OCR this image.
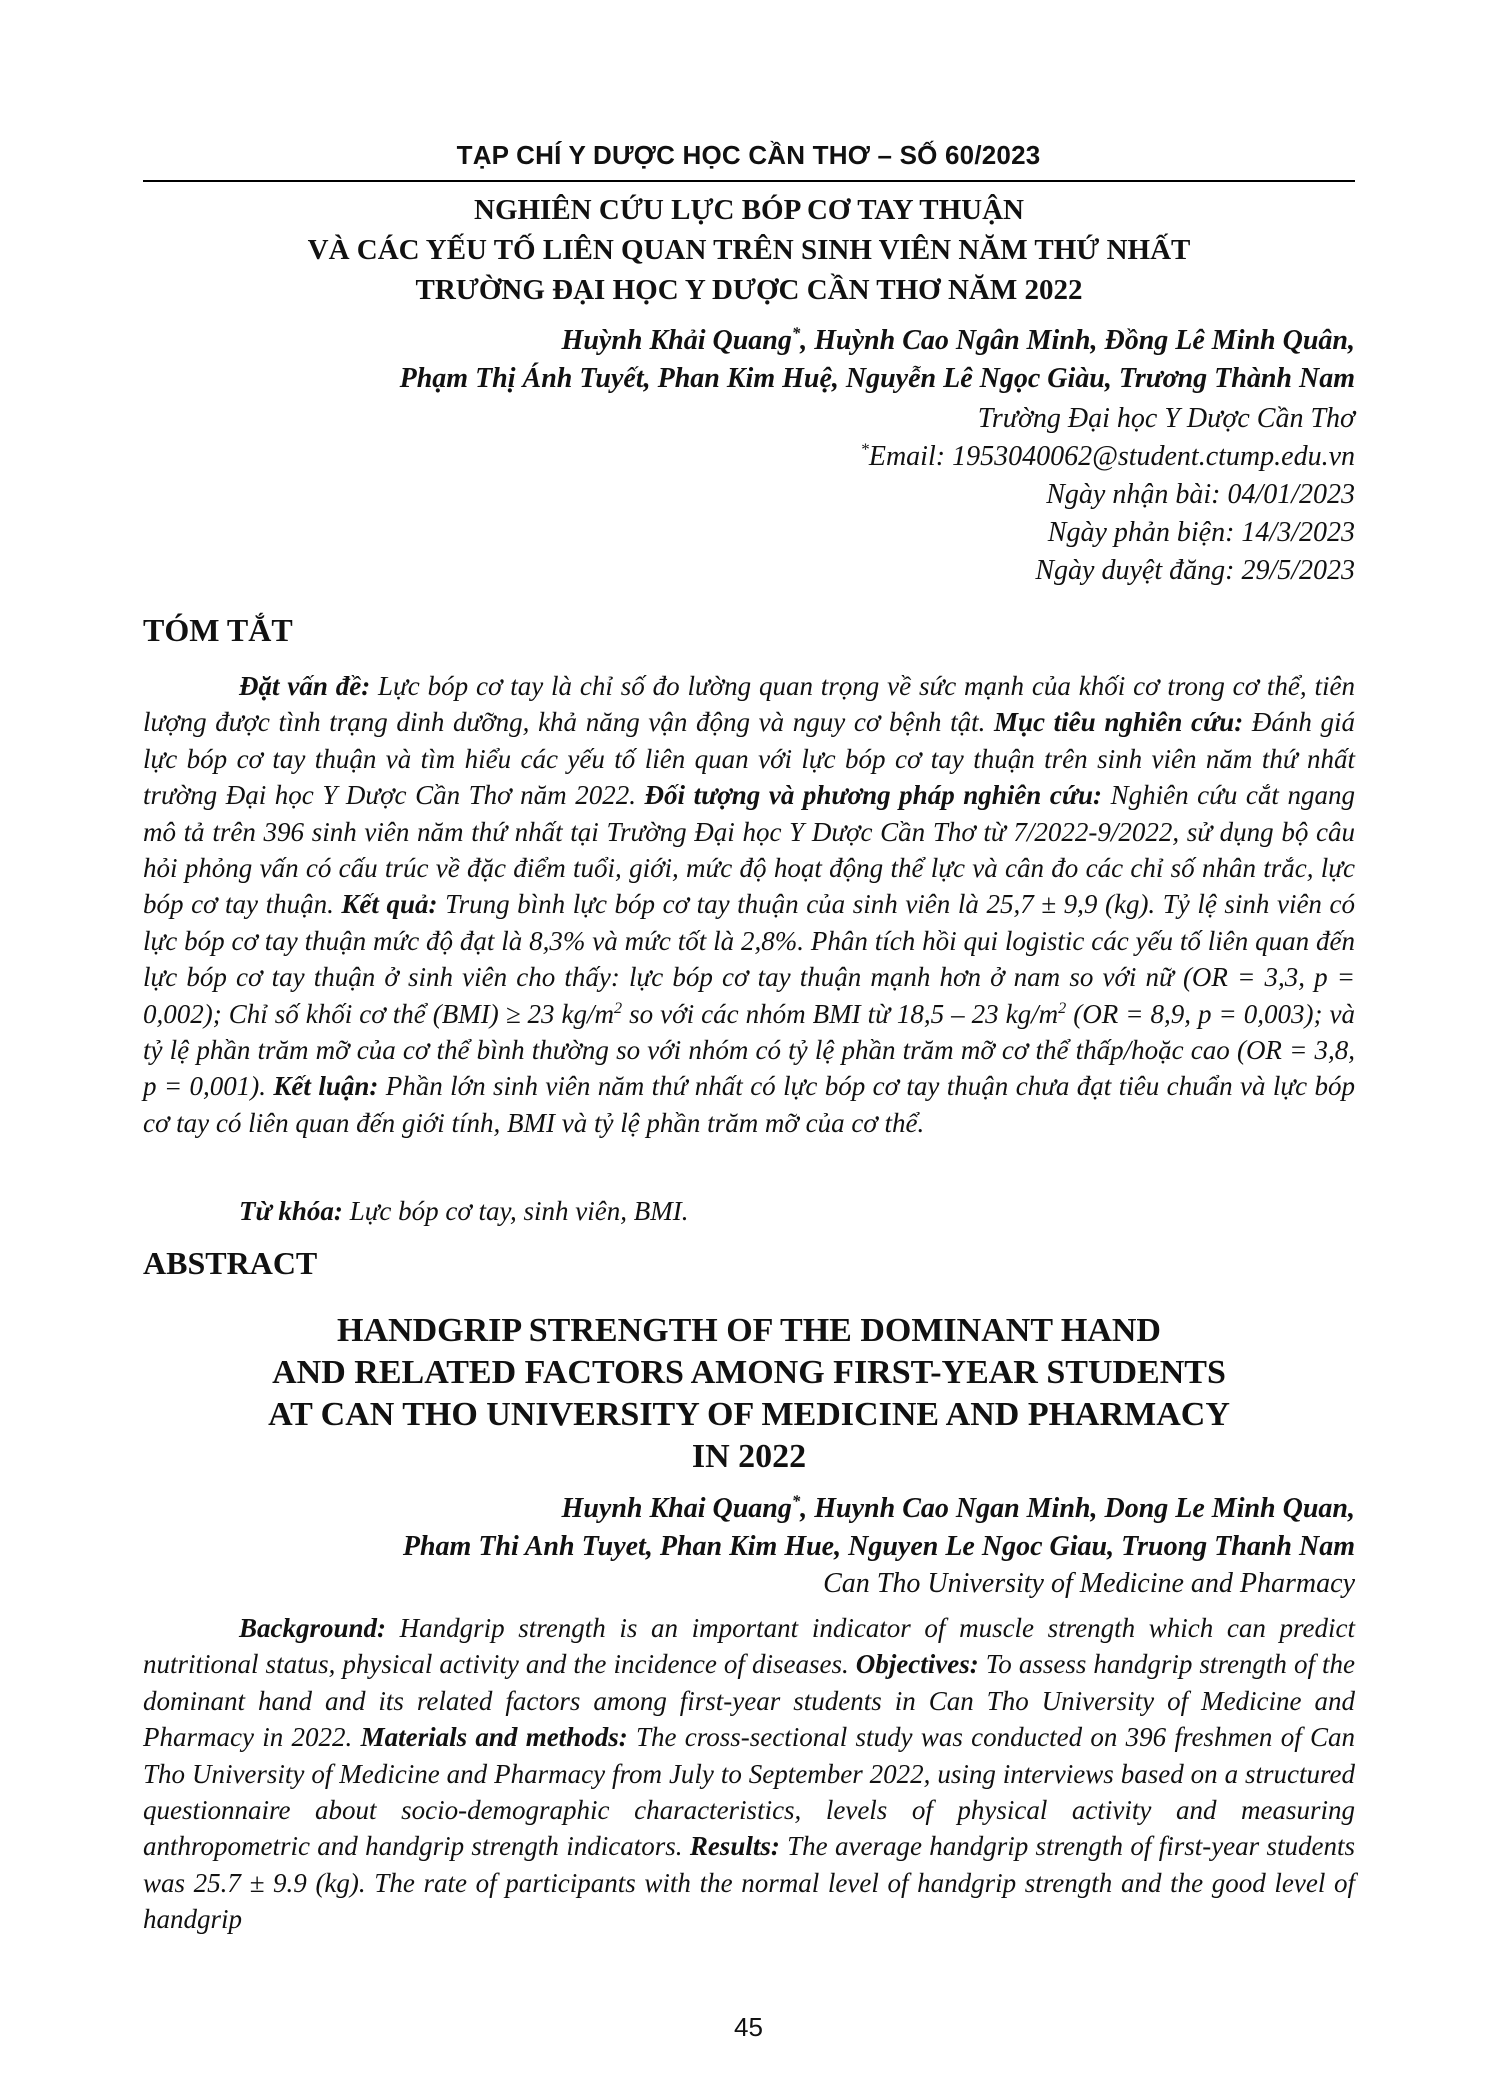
TẠP CHÍ Y DƯỢC HỌC CẦN THƠ – SỐ 60/2023
NGHIÊN CỨU LỰC BÓP CƠ TAY THUẬN
VÀ CÁC YẾU TỐ LIÊN QUAN TRÊN SINH VIÊN NĂM THỨ NHẤT
TRƯỜNG ĐẠI HỌC Y DƯỢC CẦN THƠ NĂM 2022
Huỳnh Khải Quang*, Huỳnh Cao Ngân Minh, Đồng Lê Minh Quân,
Phạm Thị Ánh Tuyết, Phan Kim Huệ, Nguyễn Lê Ngọc Giàu, Trương Thành Nam
Trường Đại học Y Dược Cần Thơ
*Email: 1953040062@student.ctump.edu.vn
Ngày nhận bài: 04/01/2023
Ngày phản biện: 14/3/2023
Ngày duyệt đăng: 29/5/2023
TÓM TẮT
Đặt vấn đề: Lực bóp cơ tay là chỉ số đo lường quan trọng về sức mạnh của khối cơ trong cơ thể, tiên lượng được tình trạng dinh dưỡng, khả năng vận động và nguy cơ bệnh tật. Mục tiêu nghiên cứu: Đánh giá lực bóp cơ tay thuận và tìm hiểu các yếu tố liên quan với lực bóp cơ tay thuận trên sinh viên năm thứ nhất trường Đại học Y Dược Cần Thơ năm 2022. Đối tượng và phương pháp nghiên cứu: Nghiên cứu cắt ngang mô tả trên 396 sinh viên năm thứ nhất tại Trường Đại học Y Dược Cần Thơ từ 7/2022-9/2022, sử dụng bộ câu hỏi phỏng vấn có cấu trúc về đặc điểm tuổi, giới, mức độ hoạt động thể lực và cân đo các chỉ số nhân trắc, lực bóp cơ tay thuận. Kết quả: Trung bình lực bóp cơ tay thuận của sinh viên là 25,7 ± 9,9 (kg). Tỷ lệ sinh viên có lực bóp cơ tay thuận mức độ đạt là 8,3% và mức tốt là 2,8%. Phân tích hồi qui logistic các yếu tố liên quan đến lực bóp cơ tay thuận ở sinh viên cho thấy: lực bóp cơ tay thuận mạnh hơn ở nam so với nữ (OR = 3,3, p = 0,002); Chỉ số khối cơ thể (BMI) ≥ 23 $kg/m^2$ so với các nhóm BMI từ 18,5 – 23 $kg/m^2$ (OR = 8,9, p = 0,003); và tỷ lệ phần trăm mỡ của cơ thể bình thường so với nhóm có tỷ lệ phần trăm mỡ cơ thể thấp/hoặc cao (OR = 3,8, p = 0,001). Kết luận: Phần lớn sinh viên năm thứ nhất có lực bóp cơ tay thuận chưa đạt tiêu chuẩn và lực bóp cơ tay có liên quan đến giới tính, BMI và tỷ lệ phần trăm mỡ của cơ thể.
Từ khóa: Lực bóp cơ tay, sinh viên, BMI.
ABSTRACT
HANDGRIP STRENGTH OF THE DOMINANT HAND
AND RELATED FACTORS AMONG FIRST-YEAR STUDENTS
AT CAN THO UNIVERSITY OF MEDICINE AND PHARMACY
IN 2022
Huynh Khai Quang*, Huynh Cao Ngan Minh, Dong Le Minh Quan,
Pham Thi Anh Tuyet, Phan Kim Hue, Nguyen Le Ngoc Giau, Truong Thanh Nam
Can Tho University of Medicine and Pharmacy
Background: Handgrip strength is an important indicator of muscle strength which can predict nutritional status, physical activity and the incidence of diseases. Objectives: To assess handgrip strength of the dominant hand and its related factors among first-year students in Can Tho University of Medicine and Pharmacy in 2022. Materials and methods: The cross-sectional study was conducted on 396 freshmen of Can Tho University of Medicine and Pharmacy from July to September 2022, using interviews based on a structured questionnaire about socio-demographic characteristics, levels of physical activity and measuring anthropometric and handgrip strength indicators. Results: The average handgrip strength of first-year students was 25.7 ± 9.9 (kg). The rate of participants with the normal level of handgrip strength and the good level of handgrip
45
